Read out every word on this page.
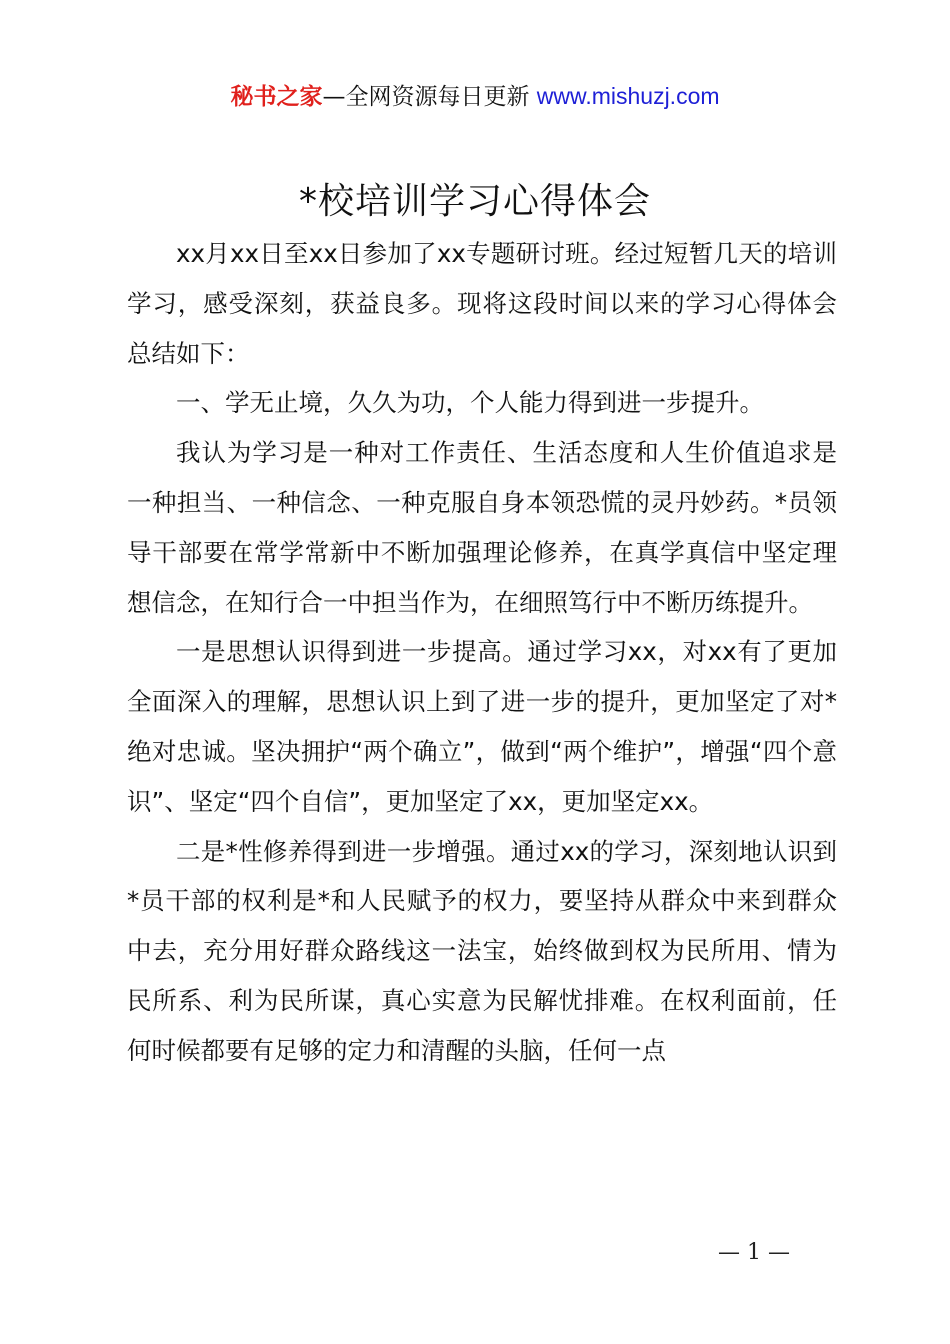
秘书之家—全网资源每日更新 www.mishuzj.com
*校培训学习心得体会

xx月xx日至xx日参加了xx专题研讨班。经过短暂几天的培训学习，感受深刻，获益良多。现将这段时间以来的学习心得体会总结如下：

一、学无止境，久久为功，个人能力得到进一步提升。

我认为学习是一种对工作责任、生活态度和人生价值追求是一种担当、一种信念、一种克服自身本领恐慌的灵丹妙药。*员领导干部要在常学常新中不断加强理论修养，在真学真信中坚定理想信念，在知行合一中担当作为，在细照笃行中不断历练提升。

一是思想认识得到进一步提高。通过学习xx，对xx有了更加全面深入的理解，思想认识上到了进一步的提升，更加坚定了对*绝对忠诚。坚决拥护“两个确立”，做到“两个维护”，增强“四个意识”、坚定“四个自信”，更加坚定了xx，更加坚定xx。

二是*性修养得到进一步增强。通过xx的学习，深刻地认识到*员干部的权利是*和人民赋予的权力，要坚持从群众中来到群众中去，充分用好群众路线这一法宝，始终做到权为民所用、情为民所系、利为民所谋，真心实意为民解忧排难。在权利面前，任何时候都要有足够的定力和清醒的头脑，任何一点

— 1 —
